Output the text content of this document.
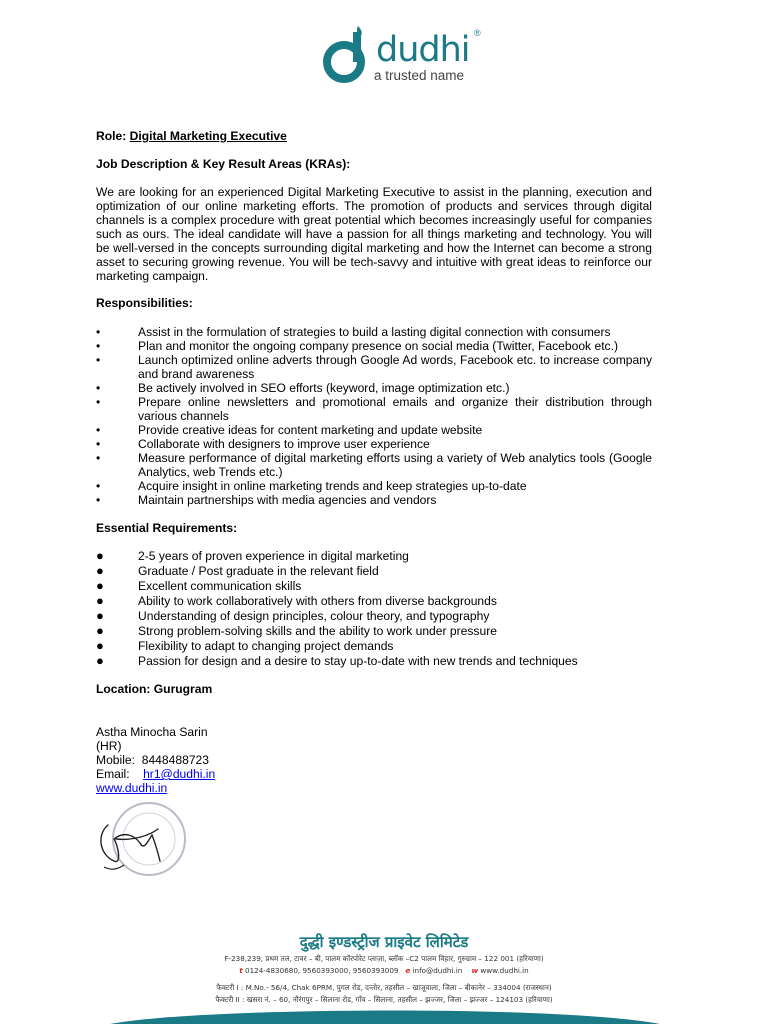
dudhi ®
a trusted name
Role: Digital Marketing Executive
Job Description & Key Result Areas (KRAs):
We are looking for an experienced Digital Marketing Executive to assist in the planning, execution and optimization of our online marketing efforts. The promotion of products and services through digital channels is a complex procedure with great potential which becomes increasingly useful for companies such as ours. The ideal candidate will have a passion for all things marketing and technology. You will be well-versed in the concepts surrounding digital marketing and how the Internet can become a strong asset to securing growing revenue. You will be tech-savvy and intuitive with great ideas to reinforce our marketing campaign.
Responsibilities:
•	Assist in the formulation of strategies to build a lasting digital connection with consumers
•	Plan and monitor the ongoing company presence on social media (Twitter, Facebook etc.)
•	Launch optimized online adverts through Google Ad words, Facebook etc. to increase company and brand awareness
•	Be actively involved in SEO efforts (keyword, image optimization etc.)
•	Prepare online newsletters and promotional emails and organize their distribution through various channels
•	Provide creative ideas for content marketing and update website
•	Collaborate with designers to improve user experience
•	Measure performance of digital marketing efforts using a variety of Web analytics tools (Google Analytics, web Trends etc.)
•	Acquire insight in online marketing trends and keep strategies up-to-date
•	Maintain partnerships with media agencies and vendors
Essential Requirements:
●	2-5 years of proven experience in digital marketing
●	Graduate / Post graduate in the relevant field
●	Excellent communication skills
●	Ability to work collaboratively with others from diverse backgrounds
●	Understanding of design principles, colour theory, and typography
●	Strong problem-solving skills and the ability to work under pressure
●	Flexibility to adapt to changing project demands
●	Passion for design and a desire to stay up-to-date with new trends and techniques
Location: Gurugram
Astha Minocha Sarin
(HR)
Mobile: 8448488723
Email: hr1@dudhi.in
www.dudhi.in
दुद्धी इण्डस्ट्रीज प्राइवेट लिमिटेड
F-238,239, प्रथम तल, टावर – बी, पालम कॉरपोरेट प्लाज़ा, ब्लॉक –C2 पालम विहार, गुरुग्राम – 122 001 (हरियाणा)
t 0124-4830680, 9560393000, 9560393009 e info@dudhi.in w www.dudhi.in
फैक्टरी I : M.No.- 56/4, Chak 6PRM, पुगल रोड, दन्तोर, तहसील – खाजूवाला, जिला – बीकानेर – 334004 (राजस्थान)
फैक्टरी II : खसरा नं. – 60, नौरंगपुर – सिलाना रोड, गाँव – सिलाना, तहसील – झज्जर, जिला – झज्जर – 124103 (हरियाणा)
